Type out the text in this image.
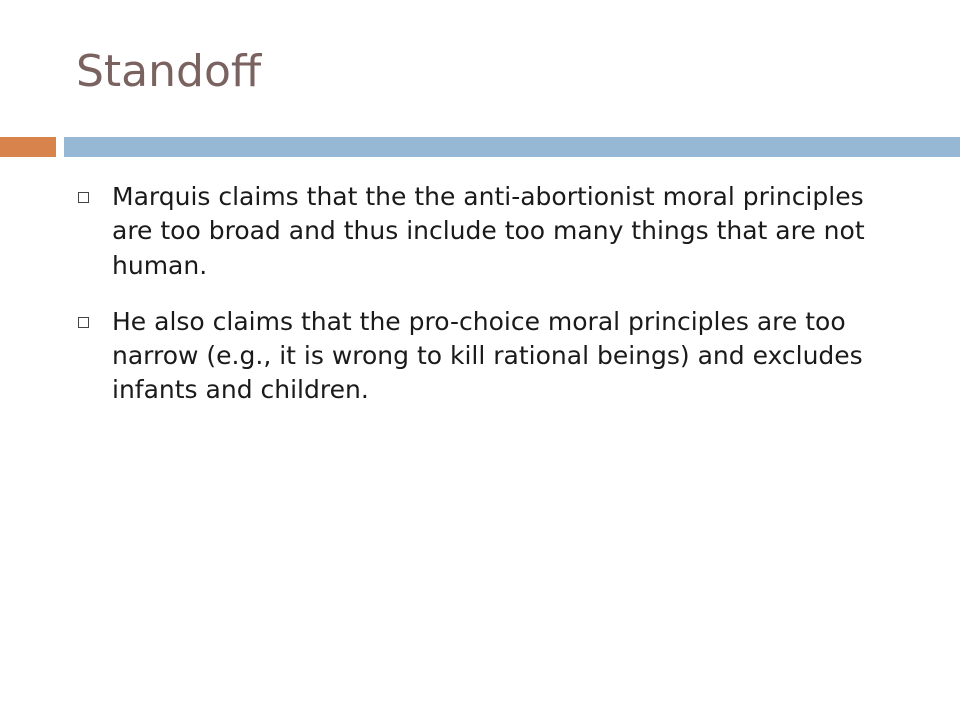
Standoff
Marquis claims that the the anti-abortionist moral principles are too broad and thus include too many things that are not human.
He also claims that the pro-choice moral principles are too narrow (e.g., it is wrong to kill rational beings) and excludes infants and children.
